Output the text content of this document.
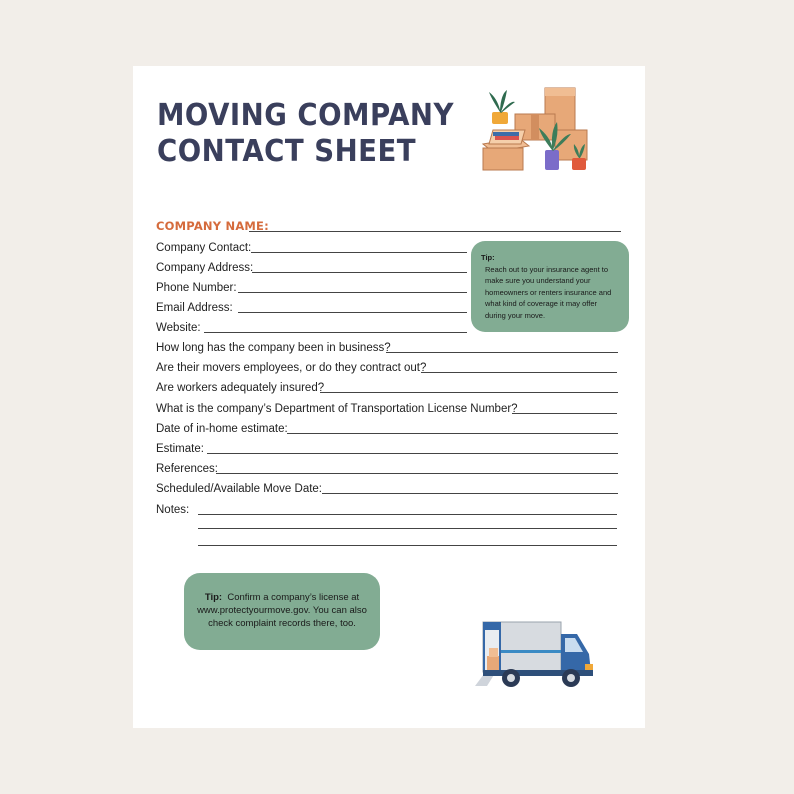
MOVING COMPANY
CONTACT SHEET
COMPANY NAME:
Company Contact:
Company Address:
Phone Number:
Email Address:
Website:
How long has the company been in business?
Are their movers employees, or do they contract out?
Are workers adequately insured?
What is the company’s Department of Transportation License Number?
Date of in-home estimate:
Estimate:
References:
Scheduled/Available Move Date:
Notes:
Tip:
Reach out to your insurance agent to make sure you understand your homeowners or renters insurance and what kind of coverage it may offer during your move.
Tip: Confirm a company’s license at www.protectyourmove.gov. You can also check complaint records there, too.
